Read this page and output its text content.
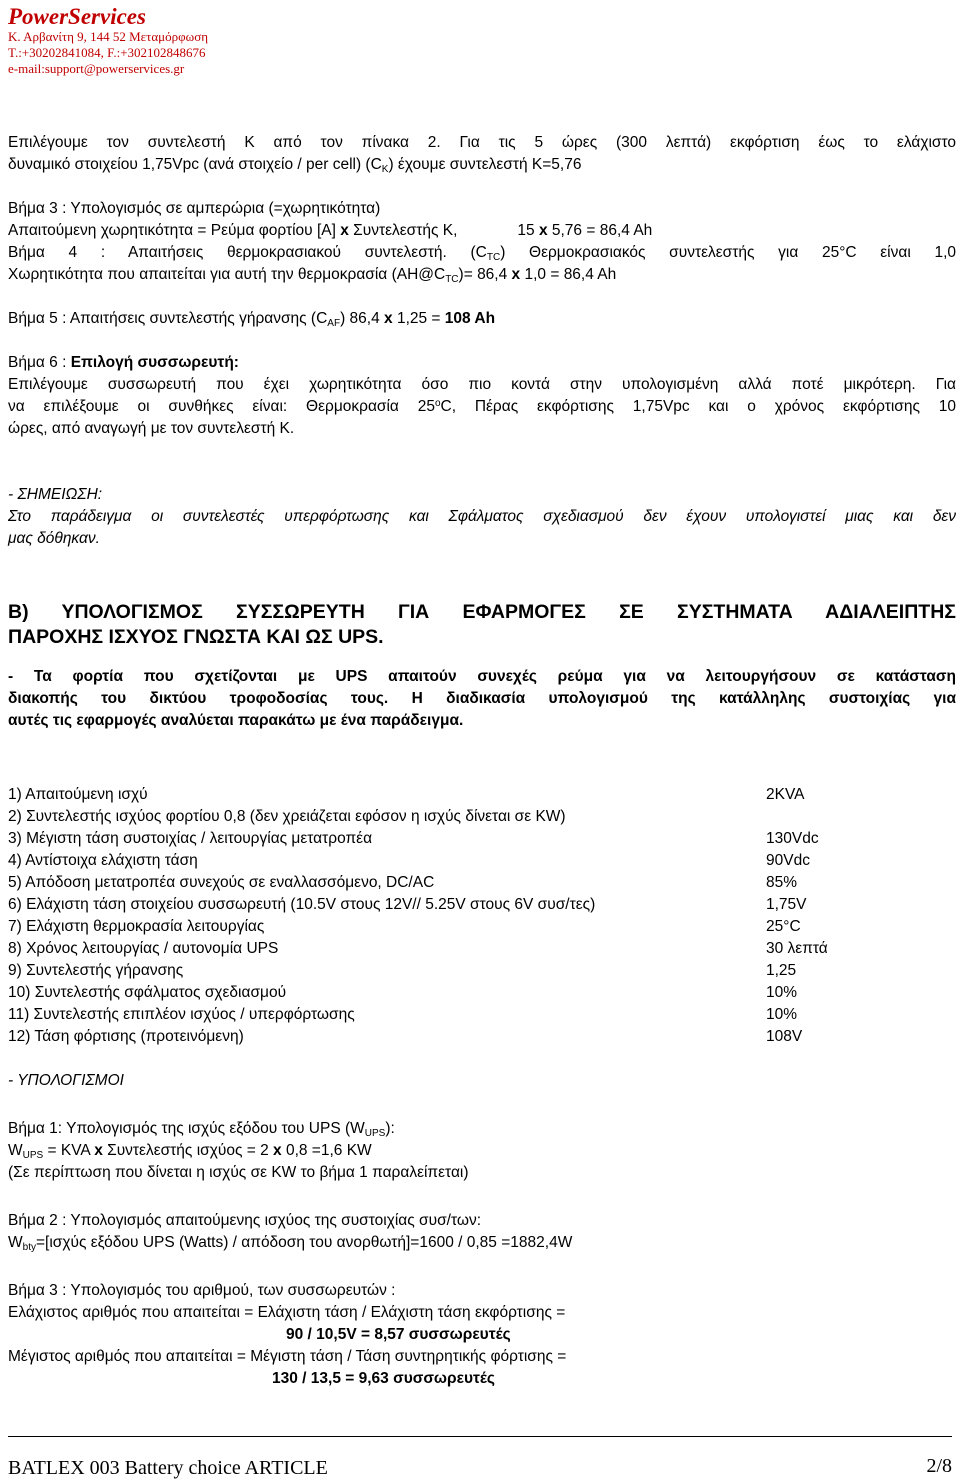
PowerServices
Κ. Αρβανίτη 9, 144 52 Μεταμόρφωση
T.:+30202841084, F.:+302102848676
e-mail:support@powerservices.gr

Επιλέγουμε τον συντελεστή Κ από τον πίνακα 2. Για τις 5 ώρες (300 λεπτά) εκφόρτιση έως το ελάχιστο

δυναμικό στοιχείου 1,75Vpc (ανά στοιχείο / per cell) $(C_K)$ έχουμε συντελεστή K=5,76

Βήμα 3 : Υπολογισμός σε αμπερώρια (=χωρητικότητα)

Απαιτούμενη χωρητικότητα = Ρεύμα φορτίου [Α] x Συντελεστής Κ,	15 x 5,76 = 86,4 Ah

Βήμα 4 : Απαιτήσεις θερμοκρασιακού συντελεστή. $(C_{TC})$ Θερμοκρασιακός συντελεστής για 25°C είναι 1,0

Χωρητικότητα που απαιτείται για αυτή την θερμοκρασία $(AH@C_{TC})= 86,4$ x 1,0 = 86,4 Ah

Βήμα 5 : Απαιτήσεις συντελεστής γήρανσης $(C_{AF})$ 86,4 x 1,25 = 108 Ah

Βήμα 6 : Επιλογή συσσωρευτή:

Επιλέγουμε συσσωρευτή που έχει χωρητικότητα όσο πιο κοντά στην υπολογισμένη αλλά ποτέ μικρότερη. Για

να επιλέξουμε οι συνθήκες είναι: Θερμοκρασία 25$^o$C, Πέρας εκφόρτισης 1,75Vpc και ο χρόνος εκφόρτισης 10

ώρες, από αναγωγή με τον συντελεστή Κ.

- ΣΗΜΕΙΩΣΗ:

Στο παράδειγμα οι συντελεστές υπερφόρτωσης και Σφάλματος σχεδιασμού δεν έχουν υπολογιστεί μιας και δεν

μας δόθηκαν.

Β) ΥΠΟΛΟΓΙΣΜΟΣ ΣΥΣΣΩΡΕΥΤΗ ΓΙΑ ΕΦΑΡΜΟΓΕΣ ΣΕ ΣΥΣΤΗΜΑΤΑ ΑΔΙΑΛΕΙΠΤΗΣ

ΠΑΡΟΧΗΣ ΙΣΧΥΟΣ ΓΝΩΣΤΑ ΚΑΙ ΩΣ UPS.

- Τα φορτία που σχετίζονται με UPS απαιτούν συνεχές ρεύμα για να λειτουργήσουν σε κατάσταση

διακοπής του δικτύου τροφοδοσίας τους. Η διαδικασία υπολογισμού της κατάλληλης συστοιχίας για

αυτές τις εφαρμογές αναλύεται παρακάτω με ένα παράδειγμα.

1) Απαιτούμενη ισχύ	2KVA
2) Συντελεστής ισχύος φορτίου 0,8 (δεν χρειάζεται εφόσον η ισχύς δίνεται σε KW)
3) Μέγιστη τάση συστοιχίας / λειτουργίας μετατροπέα	130Vdc
4) Αντίστοιχα ελάχιστη τάση	90Vdc
5) Απόδοση μετατροπέα συνεχούς σε εναλλασσόμενο, DC/AC	85%
6) Ελάχιστη τάση στοιχείου συσσωρευτή (10.5V στους 12V// 5.25V στους 6V συσ/τες)	1,75V
7) Ελάχιστη θερμοκρασία λειτουργίας	25°C
8) Χρόνος λειτουργίας / αυτονομία UPS	30 λεπτά
9) Συντελεστής γήρανσης	1,25
10) Συντελεστής σφάλματος σχεδιασμού	10%
11) Συντελεστής επιπλέον ισχύος / υπερφόρτωσης	10%
12) Τάση φόρτισης (προτεινόμενη)	108V

- ΥΠΟΛΟΓΙΣΜΟΙ

Βήμα 1: Υπολογισμός της ισχύς εξόδου του UPS $(W_{UPS})$:

$W_{UPS}$ = KVA x Συντελεστής ισχύος = 2 x 0,8 =1,6 KW

(Σε περίπτωση που δίνεται η ισχύς σε KW το βήμα 1 παραλείπεται)

Βήμα 2 : Υπολογισμός απαιτούμενης ισχύος της συστοιχίας συσ/των:

$W_{bty}=[\iota\sigma\chi ύ\varsigma$ εξόδου UPS (Watts) / απόδοση του ανορθωτή]=1600 / 0,85 =1882,4W

Βήμα 3 : Υπολογισμός του αριθμού, των συσσωρευτών :

Ελάχιστος αριθμός που απαιτείται = Ελάχιστη τάση / Ελάχιστη τάση εκφόρτισης =

90 / 10,5V = 8,57 συσσωρευτές

Μέγιστος αριθμός που απαιτείται = Μέγιστη τάση / Τάση συντηρητικής φόρτισης =

130 / 13,5 = 9,63 συσσωρευτές

BATLEX 003 Battery choice ARTICLE	2/8
